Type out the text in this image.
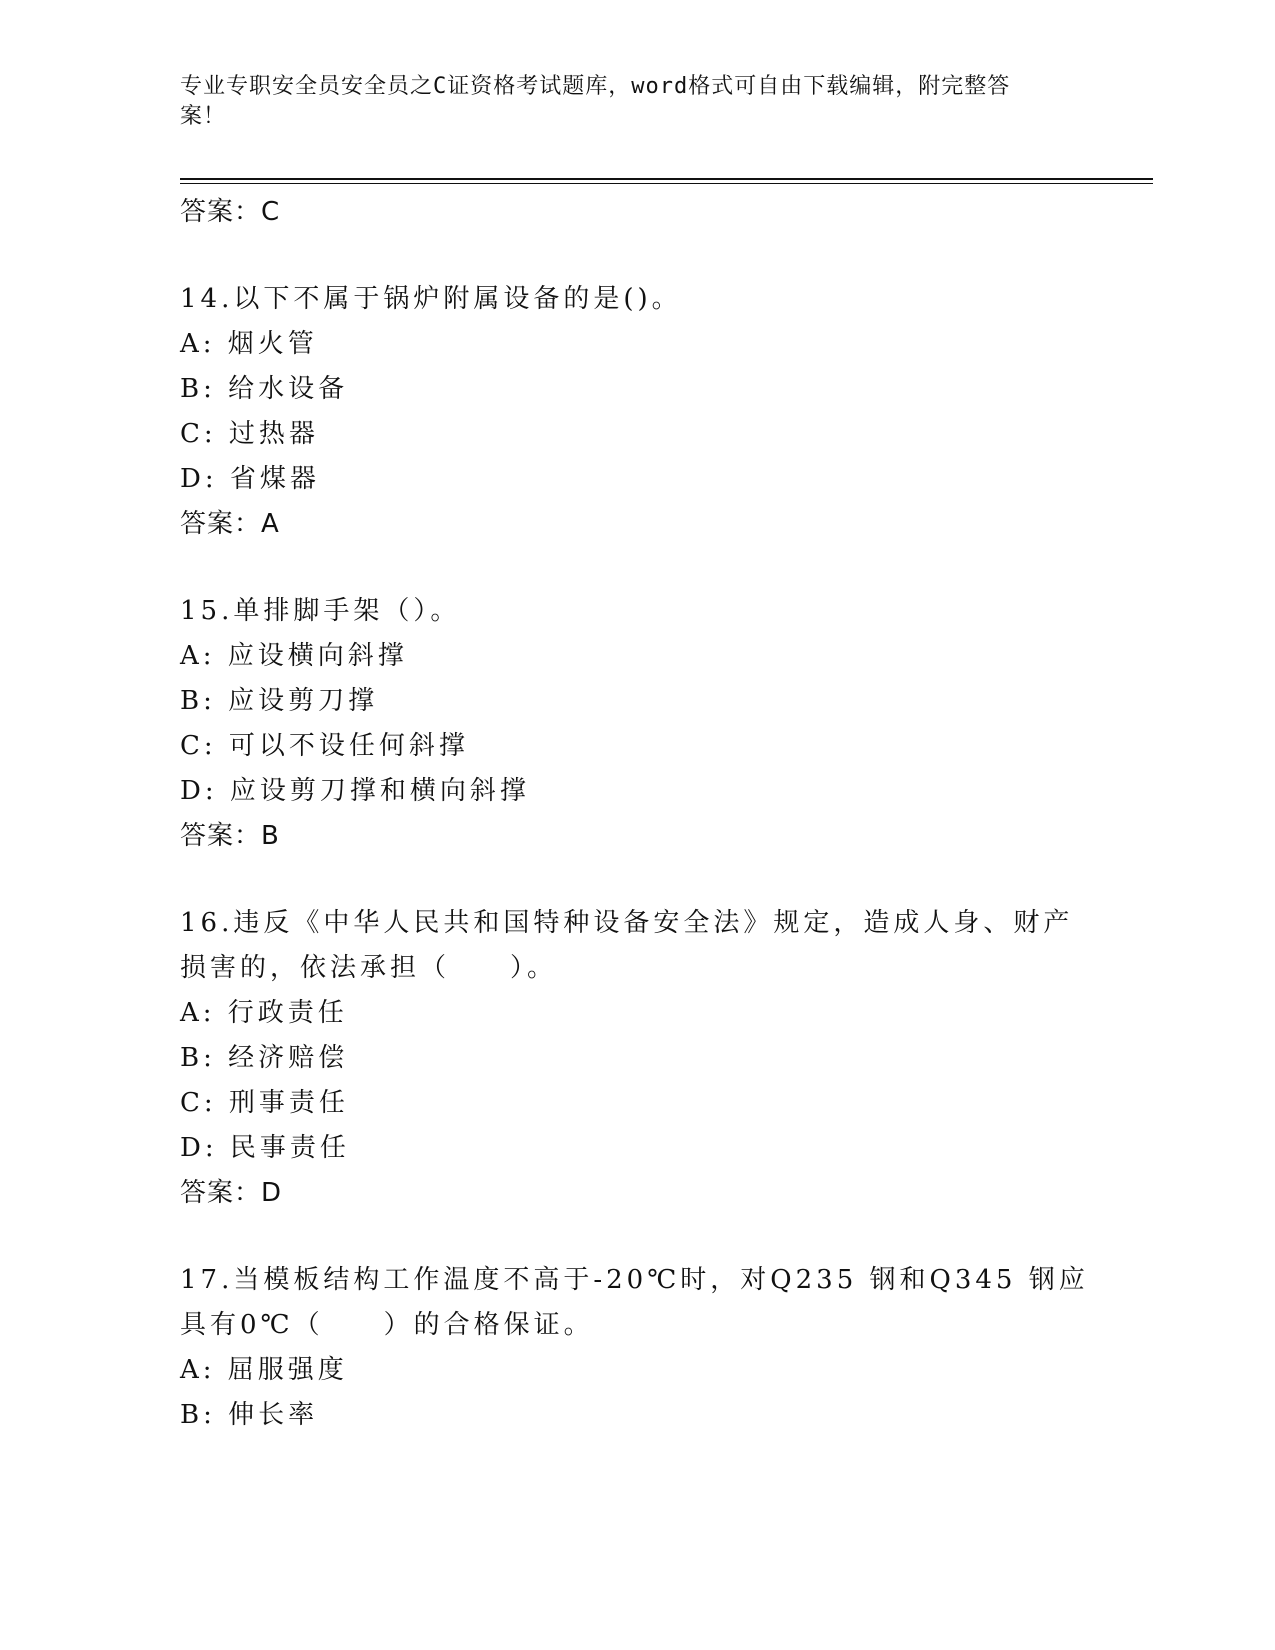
专业专职安全员安全员之C证资格考试题库，word格式可自由下载编辑，附完整答案！
答案：C
14.以下不属于锅炉附属设备的是()。
A: 烟火管
B: 给水设备
C: 过热器
D: 省煤器
答案：A
15.单排脚手架（）。
A: 应设横向斜撑
B: 应设剪刀撑
C: 可以不设任何斜撑
D: 应设剪刀撑和横向斜撑
答案：B
16.违反《中华人民共和国特种设备安全法》规定，造成人身、财产损害的，依法承担（　　）。
A: 行政责任
B: 经济赔偿
C: 刑事责任
D: 民事责任
答案：D
17.当模板结构工作温度不高于-20℃时，对Q235 钢和Q345 钢应具有0℃（　　）的合格保证。
A: 屈服强度
B: 伸长率
